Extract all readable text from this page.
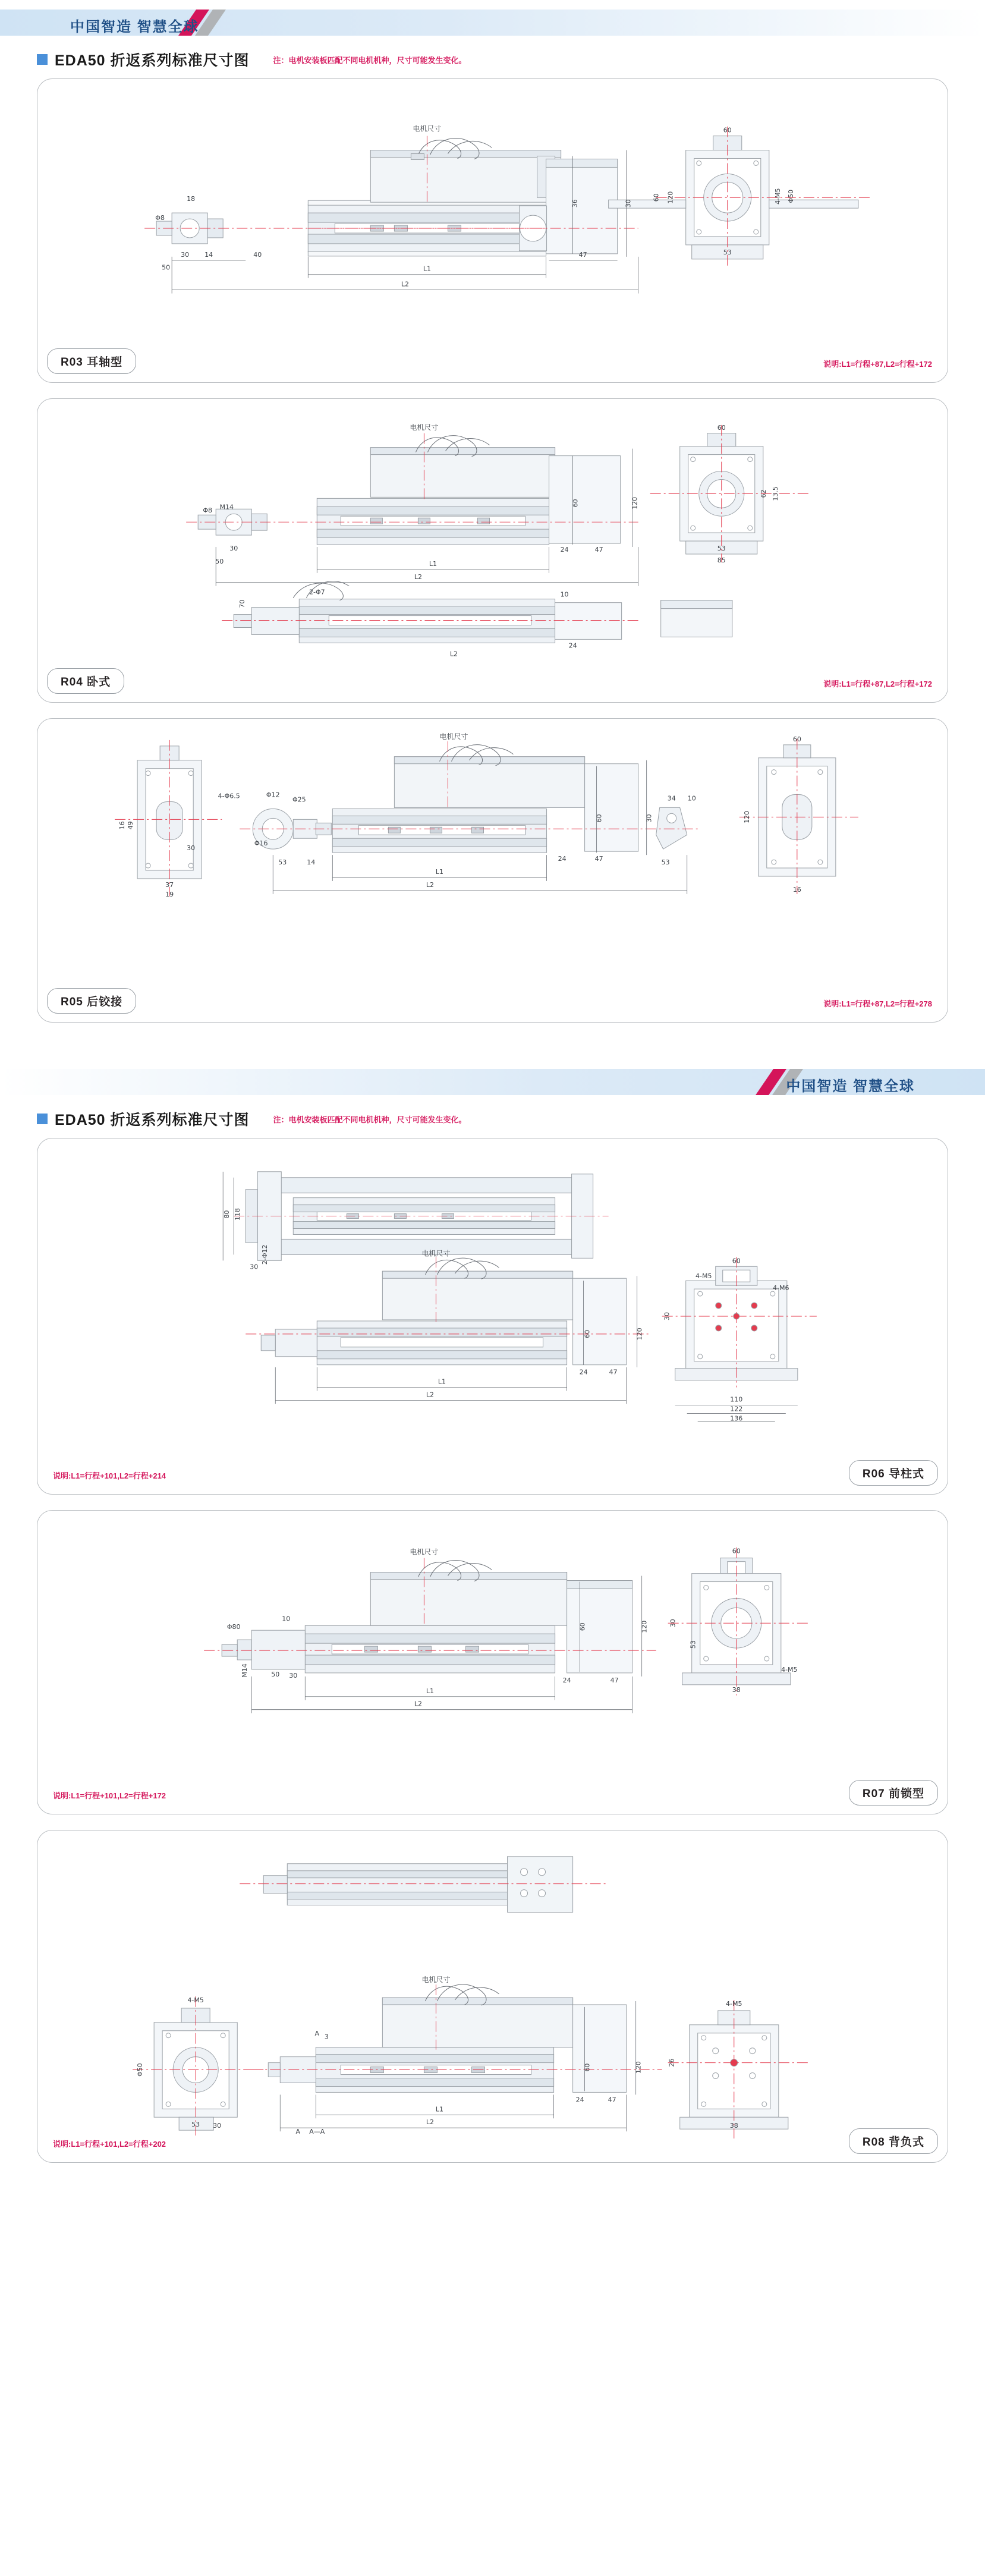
中国智造 智慧全球
EDA50 折返系列标准尺寸图	注：电机安装板匹配不同电机机种，尺寸可能发生变化。
L1
L2
14
30
50
40	47
36	30
18
60
53
Φ50
4-M5
120
60
Φ8
电机尺寸
R03 耳轴型	说明:L1=行程+87,L2=行程+172
L1
L2
30
50
24	47
60	120
60
53
85
13.5
62
Φ8 M14
2-Φ7
70
10
24
L2
电机尺寸
R04 卧式	说明:L1=行程+87,L2=行程+172
L1
L2
37
19
30
49
16
4-Φ6.5	Φ12
Φ25
Φ16
53	14	24	47	53
60	30
34 10
60
16
120
电机尺寸
R05 后铰接	说明:L1=行程+87,L2=行程+278
中国智造 智慧全球
EDA50 折返系列标准尺寸图	注：电机安装板匹配不同电机机种，尺寸可能发生变化。
L1
L2
24	47
118
80
30
2-Φ12
60	120
60
110
122
136
4-M5
4-M6
30
电机尺寸
R06 导柱式
说明:L1=行程+101,L2=行程+214
L1
L2
50 30
24	47
10
Φ80
M14
60	120
60
38
30
53
4-M5
电机尺寸
R07 前锁型
说明:L1=行程+101,L2=行程+172
L1
L2
24	47
4-M5
53 30
Φ50	60	120
4-M5
38
26
3
A
A—A
A
电机尺寸
R08 背负式
说明:L1=行程+101,L2=行程+202
